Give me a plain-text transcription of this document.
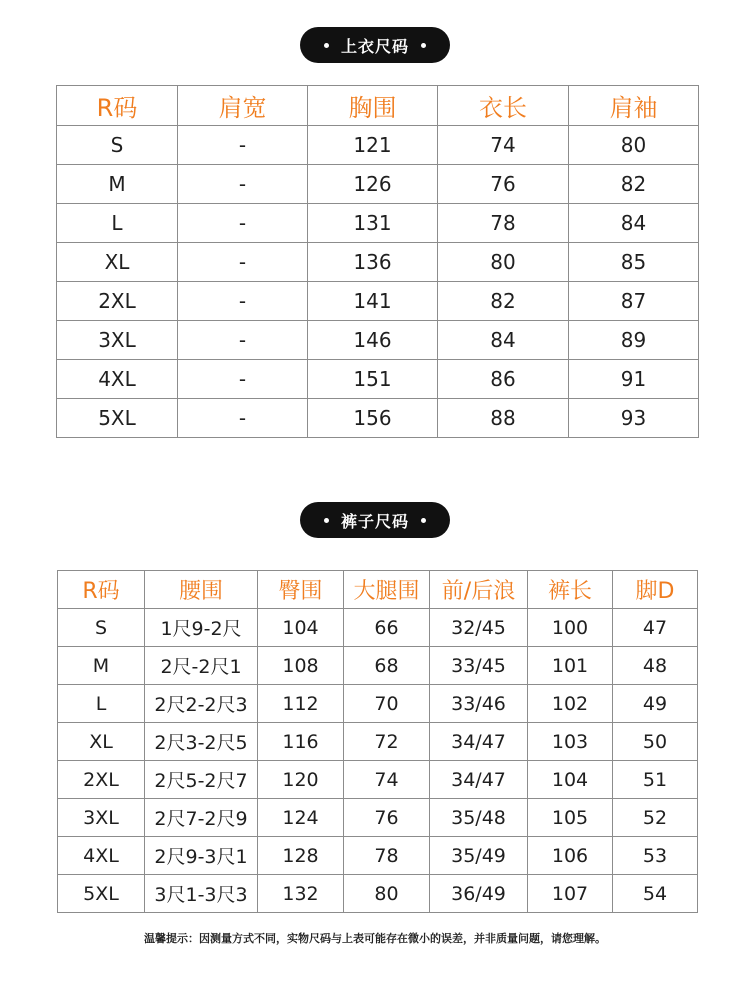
上衣尺码
R码	肩宽	胸围	衣长	肩袖
S	-	121	74	80
M	-	126	76	82
L	-	131	78	84
XL	-	136	80	85
2XL	-	141	82	87
3XL	-	146	84	89
4XL	-	151	86	91
5XL	-	156	88	93
裤子尺码
R码	腰围	臀围	大腿围	前/后浪	裤长	脚D
S	1尺9-2尺	104	66	32/45	100	47
M	2尺-2尺1	108	68	33/45	101	48
L	2尺2-2尺3	112	70	33/46	102	49
XL	2尺3-2尺5	116	72	34/47	103	50
2XL	2尺5-2尺7	120	74	34/47	104	51
3XL	2尺7-2尺9	124	76	35/48	105	52
4XL	2尺9-3尺1	128	78	35/49	106	53
5XL	3尺1-3尺3	132	80	36/49	107	54
温馨提示：因测量方式不同，实物尺码与上表可能存在微小的误差，并非质量问题，请您理解。
